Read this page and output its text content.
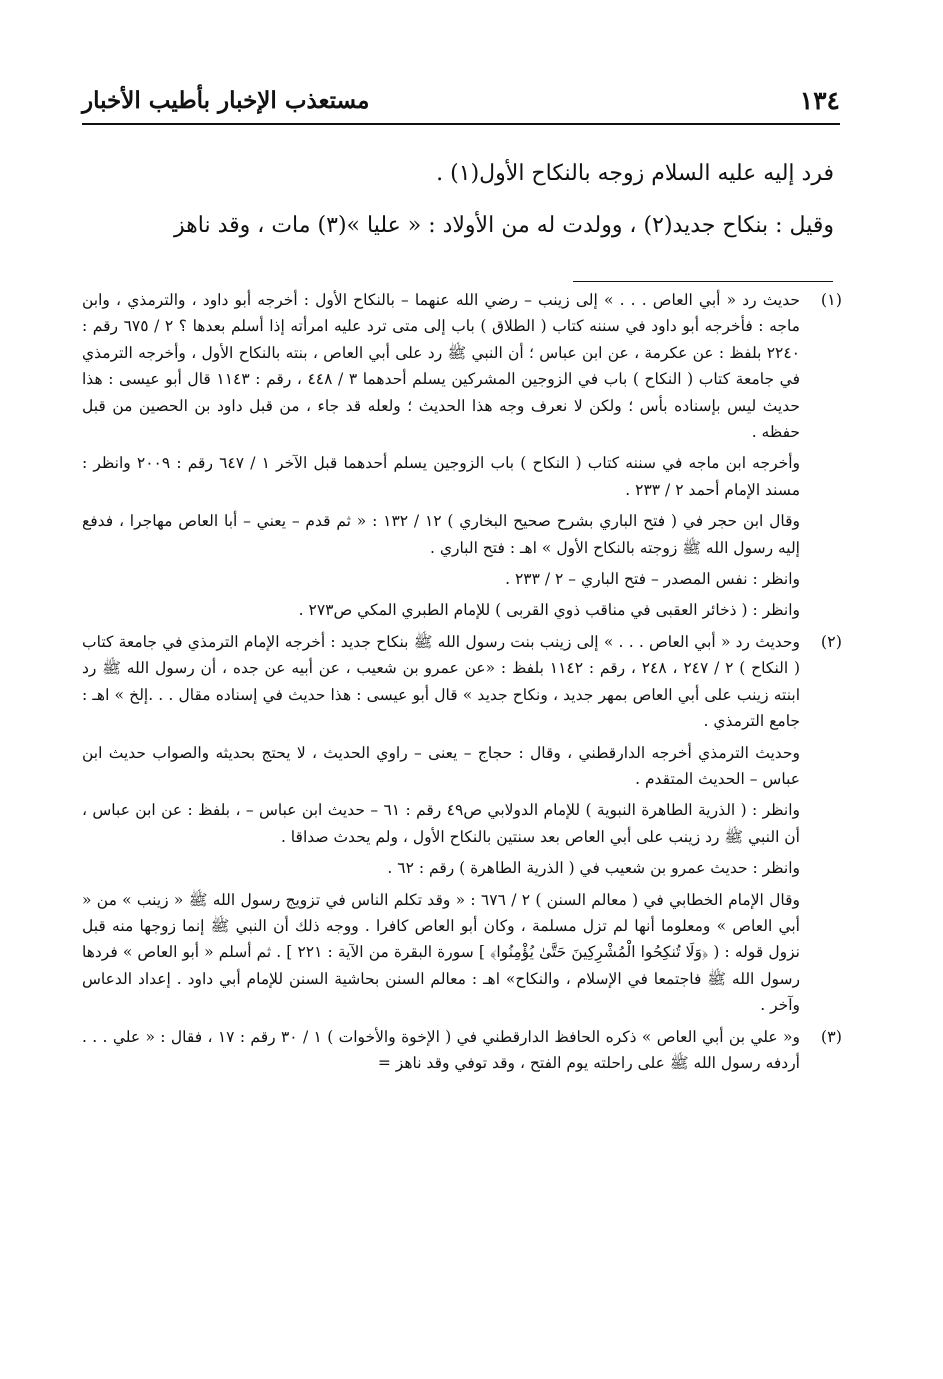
١٣٤
مستعذب الإخبار بأطيب الأخبار

فرد إليه عليه السلام زوجه بالنكاح الأول(١) .

وقيل : بنكاح جديد(٢) ، وولدت له من الأولاد : « عليا »(٣) مات ، وقد ناهز

(١)

حديث رد « أبي العاص . . . » إلى زينب – رضي الله عنهما – بالنكاح الأول : أخرجه أبو داود ، والترمذي ، وابن ماجه : فأخرجه أبو داود في سننه كتاب ( الطلاق ) باب إلى متى ترد عليه امرأته إذا أسلم بعدها ؟ ٢ / ٦٧٥ رقم : ٢٢٤٠ بلفظ : عن عكرمة ، عن ابن عباس ؛ أن النبي ﷺ رد على أبي العاص ، بنته بالنكاح الأول ، وأخرجه الترمذي في جامعة كتاب ( النكاح ) باب في الزوجين المشركين يسلم أحدهما ٣ / ٤٤٨ ، رقم : ١١٤٣ قال أبو عيسى : هذا حديث ليس بإسناده بأس ؛ ولكن لا نعرف وجه هذا الحديث ؛ ولعله قد جاء ، من قبل داود بن الحصين من قبل حفظه .

وأخرجه ابن ماجه في سننه كتاب ( النكاح ) باب الزوجين يسلم أحدهما قبل الآخر ١ / ٦٤٧ رقم : ٢٠٠٩ وانظر : مسند الإمام أحمد ٢ / ٢٣٣ .

وقال ابن حجر في ( فتح الباري بشرح صحيح البخاري ) ١٢ / ١٣٢ : « ثم قدم – يعني – أبا العاص مهاجرا ، فدفع إليه رسول الله ﷺ زوجته بالنكاح الأول » اهـ : فتح الباري .

وانظر : نفس المصدر – فتح الباري – ٢ / ٢٣٣ .

وانظر : ( ذخائر العقبى في مناقب ذوي القربى ) للإمام الطبري المكي ص٢٧٣ .

(٢)

وحديث رد « أبي العاص . . . » إلى زينب بنت رسول الله ﷺ بنكاح جديد : أخرجه الإمام الترمذي في جامعة كتاب ( النكاح ) ٢ / ٢٤٧ ، ٢٤٨ ، رقم : ١١٤٢ بلفظ : «عن عمرو بن شعيب ، عن أبيه عن جده ، أن رسول الله ﷺ رد ابنته زينب على أبي العاص بمهر جديد ، ونكاح جديد » قال أبو عيسى : هذا حديث في إسناده مقال . . .إلخ » اهـ : جامع الترمذي .

وحديث الترمذي أخرجه الدارقطني ، وقال : حجاج – يعنى – راوي الحديث ، لا يحتج بحديثه والصواب حديث ابن عباس – الحديث المتقدم .

وانظر : ( الذرية الطاهرة النبوية ) للإمام الدولابي ص٤٩ رقم : ٦١ – حديث ابن عباس – ، بلفظ : عن ابن عباس ، أن النبي ﷺ رد زينب على أبي العاص بعد سنتين بالنكاح الأول ، ولم يحدث صداقا .

وانظر : حديث عمرو بن شعيب في ( الذرية الطاهرة ) رقم : ٦٢ .

وقال الإمام الخطابي في ( معالم السنن ) ٢ / ٦٧٦ : « وقد تكلم الناس في تزويج رسول الله ﷺ « زينب » من « أبي العاص » ومعلوما أنها لم تزل مسلمة ، وكان أبو العاص كافرا . ووجه ذلك أن النبي ﷺ إنما زوجها منه قبل نزول قوله : ( ﴿وَلَا تُنكِحُوا الْمُشْرِكِينَ حَتَّىٰ يُؤْمِنُوا﴾ ] سورة البقرة من الآية : ٢٢١ ] . ثم أسلم « أبو العاص » فردها رسول الله ﷺ فاجتمعا في الإسلام ، والنكاح» اهـ : معالم السنن بحاشية السنن للإمام أبي داود . إعداد الدعاس وآخر .

(٣)

و« علي بن أبي العاص » ذكره الحافظ الدارقطني في ( الإخوة والأخوات ) ١ / ٣٠ رقم : ١٧ ، فقال : « علي . . . أردفه رسول الله ﷺ على راحلته يوم الفتح ، وقد توفي وقد ناهز =
